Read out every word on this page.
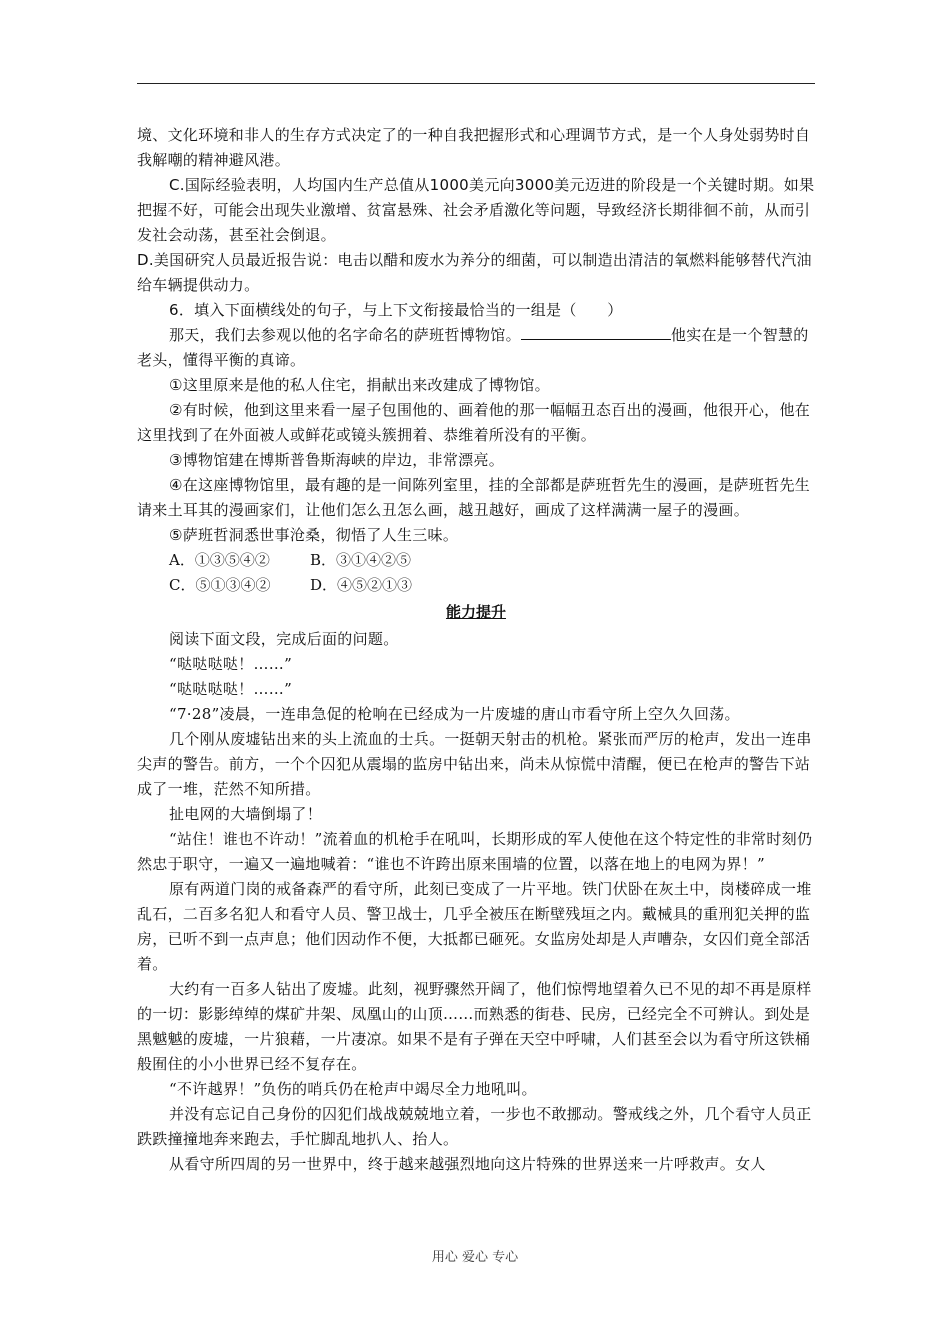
境、文化环境和非人的生存方式决定了的一种自我把握形式和心理调节方式，是一个人身处弱势时自我解嘲的精神避风港。

C.国际经验表明，人均国内生产总值从1000美元向3000美元迈进的阶段是一个关键时期。如果把握不好，可能会出现失业激增、贫富悬殊、社会矛盾激化等问题，导致经济长期徘徊不前，从而引发社会动荡，甚至社会倒退。

D.美国研究人员最近报告说：电击以醋和废水为养分的细菌，可以制造出清洁的氧燃料能够替代汽油给车辆提供动力。

6．填入下面横线处的句子，与上下文衔接最恰当的一组是（　　）

那天，我们去参观以他的名字命名的萨班哲博物馆。	他实在是一个智慧的老头，懂得平衡的真谛。

①这里原来是他的私人住宅，捐献出来改建成了博物馆。

②有时候，他到这里来看一屋子包围他的、画着他的那一幅幅丑态百出的漫画，他很开心，他在这里找到了在外面被人或鲜花或镜头簇拥着、恭维着所没有的平衡。

③博物馆建在博斯普鲁斯海峡的岸边，非常漂亮。

④在这座博物馆里，最有趣的是一间陈列室里，挂的全部都是萨班哲先生的漫画，是萨班哲先生请来土耳其的漫画家们，让他们怎么丑怎么画，越丑越好，画成了这样满满一屋子的漫画。

⑤萨班哲洞悉世事沧桑，彻悟了人生三味。

A．①③⑤④②	B．③①④②⑤
C．⑤①③④②	D．④⑤②①③
能力提升

阅读下面文段，完成后面的问题。

“哒哒哒哒！……”

“哒哒哒哒！……”

“7·28”凌晨，一连串急促的枪响在已经成为一片废墟的唐山市看守所上空久久回荡。

几个刚从废墟钻出来的头上流血的士兵。一挺朝天射击的机枪。紧张而严厉的枪声，发出一连串尖声的警告。前方，一个个囚犯从震塌的监房中钻出来，尚未从惊慌中清醒，便已在枪声的警告下站成了一堆，茫然不知所措。

扯电网的大墙倒塌了！

“站住！谁也不许动！”流着血的机枪手在吼叫，长期形成的军人使他在这个特定性的非常时刻仍然忠于职守，一遍又一遍地喊着：“谁也不许跨出原来围墙的位置，以落在地上的电网为界！”

原有两道门岗的戒备森严的看守所，此刻已变成了一片平地。铁门伏卧在灰土中，岗楼碎成一堆乱石，二百多名犯人和看守人员、警卫战士，几乎全被压在断壁残垣之内。戴械具的重刑犯关押的监房，已听不到一点声息；他们因动作不便，大抵都已砸死。女监房处却是人声嘈杂，女囚们竟全部活着。

大约有一百多人钻出了废墟。此刻，视野骤然开阔了，他们惊愕地望着久已不见的却不再是原样的一切：影影绰绰的煤矿井架、凤凰山的山顶……而熟悉的街巷、民房，已经完全不可辨认。到处是黑魆魆的废墟，一片狼藉，一片凄凉。如果不是有子弹在天空中呼啸，人们甚至会以为看守所这铁桶般囿住的小小世界已经不复存在。

“不许越界！”负伤的哨兵仍在枪声中竭尽全力地吼叫。

并没有忘记自己身份的囚犯们战战兢兢地立着，一步也不敢挪动。警戒线之外，几个看守人员正跌跌撞撞地奔来跑去，手忙脚乱地扒人、抬人。

从看守所四周的另一世界中，终于越来越强烈地向这片特殊的世界送来一片呼救声。女人

用心 爱心 专心
